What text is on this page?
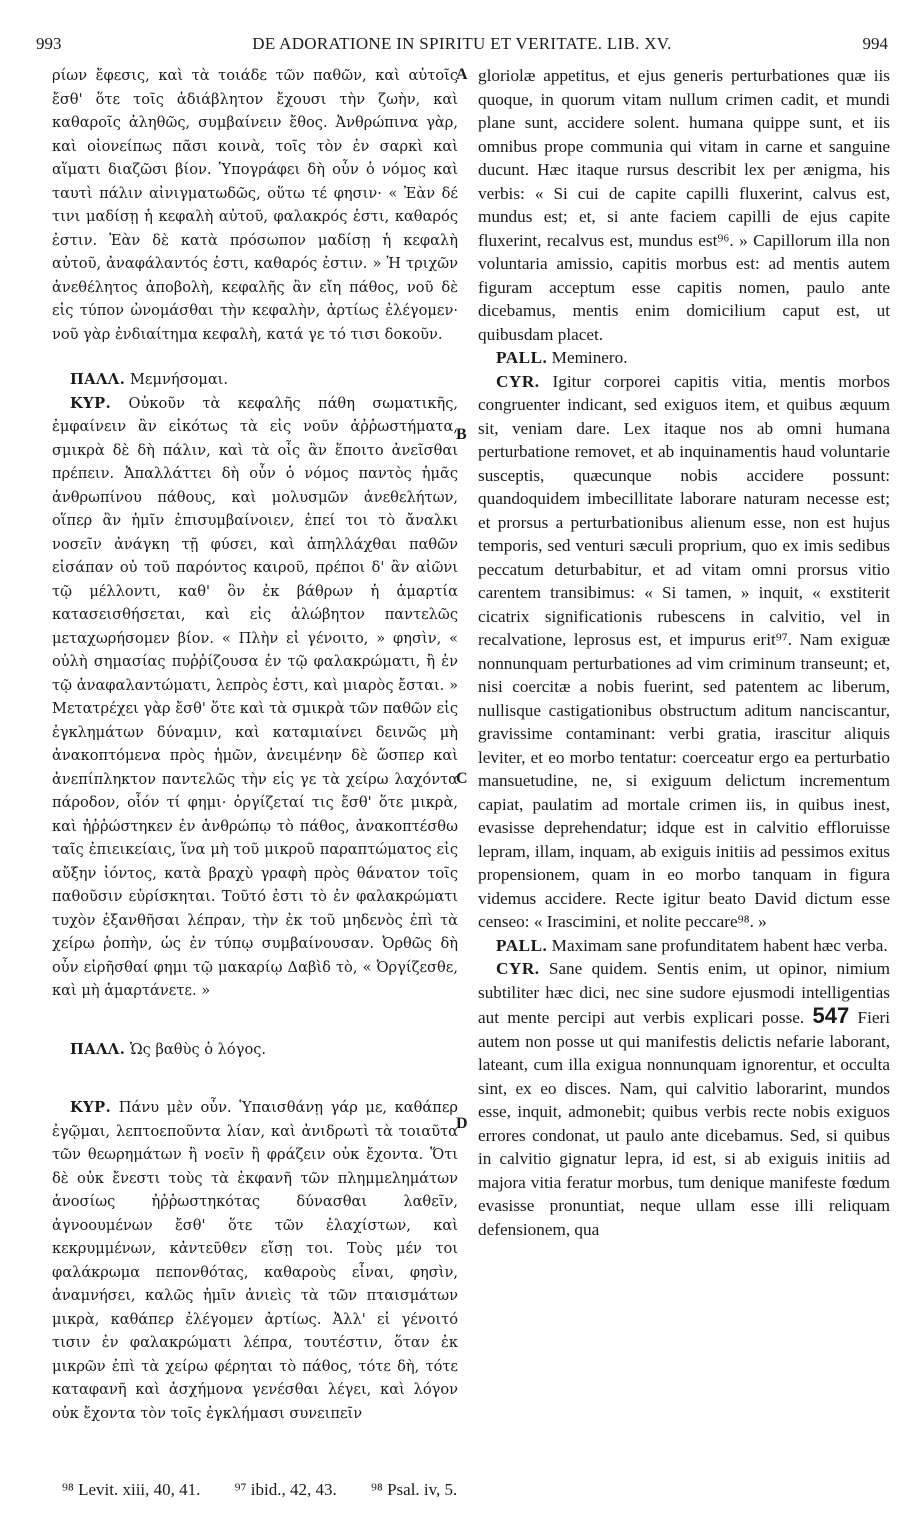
993	DE ADORATIONE IN SPIRITU ET VERITATE. LIB. XV.	994
A
B
C
D

ρίων ἔφεσις, καὶ τὰ τοιάδε τῶν παθῶν, καὶ αὐτοῖς ἔσθ' ὅτε τοῖς ἀδιάβλητον ἔχουσι τὴν ζωὴν, καὶ καθαροῖς ἀληθῶς, συμβαίνειν ἔθος. Ἀνθρώπινα γὰρ, καὶ οἰονείπως πᾶσι κοινὰ, τοῖς τὸν ἐν σαρκὶ καὶ αἵματι διαζῶσι βίον. Ὑπογράφει δὴ οὖν ὁ νόμος καὶ ταυτὶ πάλιν αἰνιγματωδῶς, οὕτω τέ φησιν· « Ἐὰν δέ τινι μαδίσῃ ἡ κεφαλὴ αὐτοῦ, φαλακρός ἐστι, καθαρός ἐστιν. Ἐὰν δὲ κατὰ πρόσωπον μαδίσῃ ἡ κεφαλὴ αὐτοῦ, ἀναφάλαντός ἐστι, καθαρός ἐστιν. » Ἡ τριχῶν ἀνεθέλητος ἀποβολὴ, κεφαλῆς ἂν εἴη πάθος, νοῦ δὲ εἰς τύπον ὠνομάσθαι τὴν κεφαλὴν, ἀρτίως ἐλέγομεν· νοῦ γὰρ ἐνδιαίτημα κεφαλὴ, κατά γε τό τισι δοκοῦν.

ΠΑΛΛ. Μεμνήσομαι.

ΚΥΡ. Οὐκοῦν τὰ κεφαλῆς πάθη σωματικῆς, ἐμφαίνειν ἂν εἰκότως τὰ εἰς νοῦν ἀῤῥωστήματα, σμικρὰ δὲ δὴ πάλιν, καὶ τὰ οἷς ἂν ἕποιτο ἀνεῖσθαι πρέπειν. Ἀπαλλάττει δὴ οὖν ὁ νόμος παντὸς ἡμᾶς ἀνθρωπίνου πάθους, καὶ μολυσμῶν ἀνεθελήτων, οἵπερ ἂν ἡμῖν ἐπισυμβαίνοιεν, ἐπεί τοι τὸ ἄναλκι νοσεῖν ἀνάγκη τῇ φύσει, καὶ ἀπηλλάχθαι παθῶν εἰσάπαν οὐ τοῦ παρόντος καιροῦ, πρέποι δ' ἂν αἰῶνι τῷ μέλλοντι, καθ' ὃν ἐκ βάθρων ἡ ἁμαρτία κατασεισθήσεται, καὶ εἰς ἀλώβητον παντελῶς μεταχωρήσομεν βίον. « Πλὴν εἰ γένοιτο, » φησὶν, « οὐλὴ σημασίας πυῤῥίζουσα ἐν τῷ φαλακρώματι, ἢ ἐν τῷ ἀναφαλαντώματι, λεπρὸς ἐστι, καὶ μιαρὸς ἔσται. » Μετατρέχει γὰρ ἔσθ' ὅτε καὶ τὰ σμικρὰ τῶν παθῶν εἰς ἐγκλημάτων δύναμιν, καὶ καταμιαίνει δεινῶς μὴ ἀνακοπτόμενα πρὸς ἡμῶν, ἀνειμένην δὲ ὥσπερ καὶ ἀνεπίπληκτον παντελῶς τὴν εἰς γε τὰ χείρω λαχόντα πάροδον, οἷόν τί φημι· ὀργίζεταί τις ἔσθ' ὅτε μικρὰ, καὶ ἠῤῥώστηκεν ἐν ἀνθρώπῳ τὸ πάθος, ἀνακοπτέσθω ταῖς ἐπιεικείαις, ἵνα μὴ τοῦ μικροῦ παραπτώματος εἰς αὔξην ἰόντος, κατὰ βραχὺ γραφὴ πρὸς θάνατον τοῖς παθοῦσιν εὑρίσκηται. Τοῦτό ἐστι τὸ ἐν φαλακρώματι τυχὸν ἐξανθῆσαι λέπραν, τὴν ἐκ τοῦ μηδενὸς ἐπὶ τὰ χείρω ῥοπὴν, ὡς ἐν τύπῳ συμβαίνουσαν. Ὀρθῶς δὴ οὖν εἰρῆσθαί φημι τῷ μακαρίῳ Δαβὶδ τὸ, « Ὀργίζεσθε, καὶ μὴ ἁμαρτάνετε. »

ΠΑΛΛ. Ὡς βαθὺς ὁ λόγος.

ΚΥΡ. Πάνυ μὲν οὖν. Ὑπαισθάνῃ γάρ με, καθάπερ ἐγῷμαι, λεπτοεποῦντα λίαν, καὶ ἀνιδρωτὶ τὰ τοιαῦτα τῶν θεωρημάτων ἢ νοεῖν ἢ φράζειν οὐκ ἔχοντα. Ὅτι δὲ οὐκ ἔνεστι τοὺς τὰ ἐκφανῆ τῶν πλημμελημάτων ἀνοσίως ἠῤῥωστηκότας δύνασθαι λαθεῖν, ἀγνοουμένων ἔσθ' ὅτε τῶν ἐλαχίστων, καὶ κεκρυμμένων, κἀντεῦθεν εἴσῃ τοι. Τοὺς μέν τοι φαλάκρωμα πεπονθότας, καθαροὺς εἶναι, φησὶν, ἀναμνήσει, καλῶς ἡμῖν ἀνιεὶς τὰ τῶν πταισμάτων μικρὰ, καθάπερ ἐλέγομεν ἀρτίως. Ἀλλ' εἰ γένοιτό τισιν ἐν φαλακρώματι λέπρα, τουτέστιν, ὅταν ἐκ μικρῶν ἐπὶ τὰ χείρω φέρηται τὸ πάθος, τότε δὴ, τότε καταφανῆ καὶ ἀσχήμονα γενέσθαι λέγει, καὶ λόγον οὐκ ἔχοντα τὸν τοῖς ἐγκλήμασι συνειπεῖν

gloriolæ appetitus, et ejus generis perturbationes quæ iis quoque, in quorum vitam nullum crimen cadit, et mundi plane sunt, accidere solent. humana quippe sunt, et iis omnibus prope communia qui vitam in carne et sanguine ducunt. Hæc itaque rursus describit lex per ænigma, his verbis: « Si cui de capite capilli fluxerint, calvus est, mundus est; et, si ante faciem capilli de ejus capite fluxerint, recalvus est, mundus est⁹⁶. » Capillorum illa non voluntaria amissio, capitis morbus est: ad mentis autem figuram acceptum esse capitis nomen, paulo ante dicebamus, mentis enim domicilium caput est, ut quibusdam placet.

PALL. Meminero.

CYR. Igitur corporei capitis vitia, mentis morbos congruenter indicant, sed exiguos item, et quibus æquum sit, veniam dare. Lex itaque nos ab omni humana perturbatione removet, et ab inquinamentis haud voluntarie susceptis, quæcunque nobis accidere possunt: quandoquidem imbecillitate laborare naturam necesse est; et prorsus a perturbationibus alienum esse, non est hujus temporis, sed venturi sæculi proprium, quo ex imis sedibus peccatum deturbabitur, et ad vitam omni prorsus vitio carentem transibimus: « Si tamen, » inquit, « exstiterit cicatrix significationis rubescens in calvitio, vel in recalvatione, leprosus est, et impurus erit⁹⁷. Nam exiguæ nonnunquam perturbationes ad vim criminum transeunt; et, nisi coercitæ a nobis fuerint, sed patentem ac liberum, nullisque castigationibus obstructum aditum nanciscantur, gravissime contaminant: verbi gratia, irascitur aliquis leviter, et eo morbo tentatur: coerceatur ergo ea perturbatio mansuetudine, ne, si exiguum delictum incrementum capiat, paulatim ad mortale crimen iis, in quibus inest, evasisse deprehendatur; idque est in calvitio effloruisse lepram, illam, inquam, ab exiguis initiis ad pessimos exitus propensionem, quam in eo morbo tanquam in figura videmus accidere. Recte igitur beato David dictum esse censeo: « Irascimini, et nolite peccare⁹⁸. »

PALL. Maximam sane profunditatem habent hæc verba.

CYR. Sane quidem. Sentis enim, ut opinor, nimium subtiliter hæc dici, nec sine sudore ejusmodi intelligentias aut mente percipi aut verbis explicari posse. 547 Fieri autem non posse ut qui manifestis delictis nefarie laborant, lateant, cum illa exigua nonnunquam ignorentur, et occulta sint, ex eo disces. Nam, qui calvitio laborarint, mundos esse, inquit, admonebit; quibus verbis recte nobis exiguos errores condonat, ut paulo ante dicebamus. Sed, si quibus in calvitio gignatur lepra, id est, si ab exiguis initiis ad majora vitia feratur morbus, tum denique manifeste fœdum evasisse pronuntiat, neque ullam esse illi reliquam defensionem, qua

⁹⁸ Levit. xiii, 40, 41. ⁹⁷ ibid., 42, 43. ⁹⁸ Psal. iv, 5.
